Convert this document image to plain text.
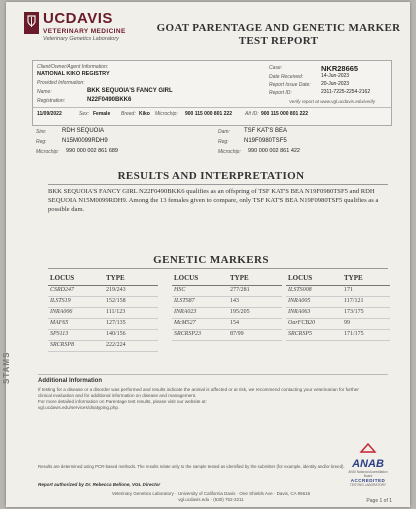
STAMS
UCDAVIS
VETERINARY MEDICINE
Veterinary Genetics Laboratory
GOAT PARENTAGE AND GENETIC MARKER
TEST REPORT
Client/Owner/Agent Information:
NATIONAL KIKO REGISTRY
Provided Information:
Name:	BKK SEQUOIA'S FANCY GIRL
Registration:	N22F0490BKK6
Case:	NKR28665
Date Received:	14-Jun-2023
Report Issue Date: 20-Jun-2023
Report ID:	2311-7225-2254-2162
Verify report at www.vgl.ucdavis.edu/verify
11/09/2022	Sex: Female Breed: Kiko Microchip: 900 115 000 801 222	Alt ID: 900 115 000 801 222
Sire:	RDH SEQUOIA
Reg:	N15M0099RDH9
Microchip: 990 000 002 861 689
Dam: TSF KAT'S BEA
Reg:	N19F0980TSF5
Microchip: 990 000 002 861 422
RESULTS AND INTERPRETATION
BKK SEQUOIA'S FANCY GIRL N22F0490BKK6 qualifies as an offspring of TSF KAT'S BEA N19F0980TSF5 and RDH SEQUOIA N15M0099RDH9. Among the 13 females given to compare, only TSF KAT'S BEA N19F0980TSF5 qualifies as a possible dam.
GENETIC MARKERS
LOCUS	TYPE
CSRD247	219/243
ILSTS19	152/158
INRA006	111/123
MAF65	127/135
SPS113	140/156
SRCRSP8	222/224
LOCUS	TYPE
HSC	277/281
ILSTS87	143
INRA023	195/205
McM527	154
SRCRSP23	87/99
LOCUS	TYPE
ILSTS008	171
INRA005	117/121
INRA063	173/175
OarFCB20	99
SRCRSP5	171/175
Additional Information
If testing for a disease or a disorder was performed and results indicate the animal is affected or at risk, we recommend contacting your veterinarian for further clinical evaluation and for additional information on disease and management.
For more detailed information on Parentage test results, please visit our website at:
vgl.ucdavis.edu/services/dnatyping.php.
ANAB
ANSI National Accreditation Board
ACCREDITED
TESTING LABORATORY
Results are determined using PCR-based methods. The results relate only to the sample tested as identified by the submitter (for example, identity and/or breed).
Report authorized by Dr. Rebecca Bellone, VGL Director
Veterinary Genetics Laboratory · University of California Davis · One Shields Ave · Davis, CA 95616
vgl.ucdavis.edu · (530) 752-2211	Page 1 of 1
